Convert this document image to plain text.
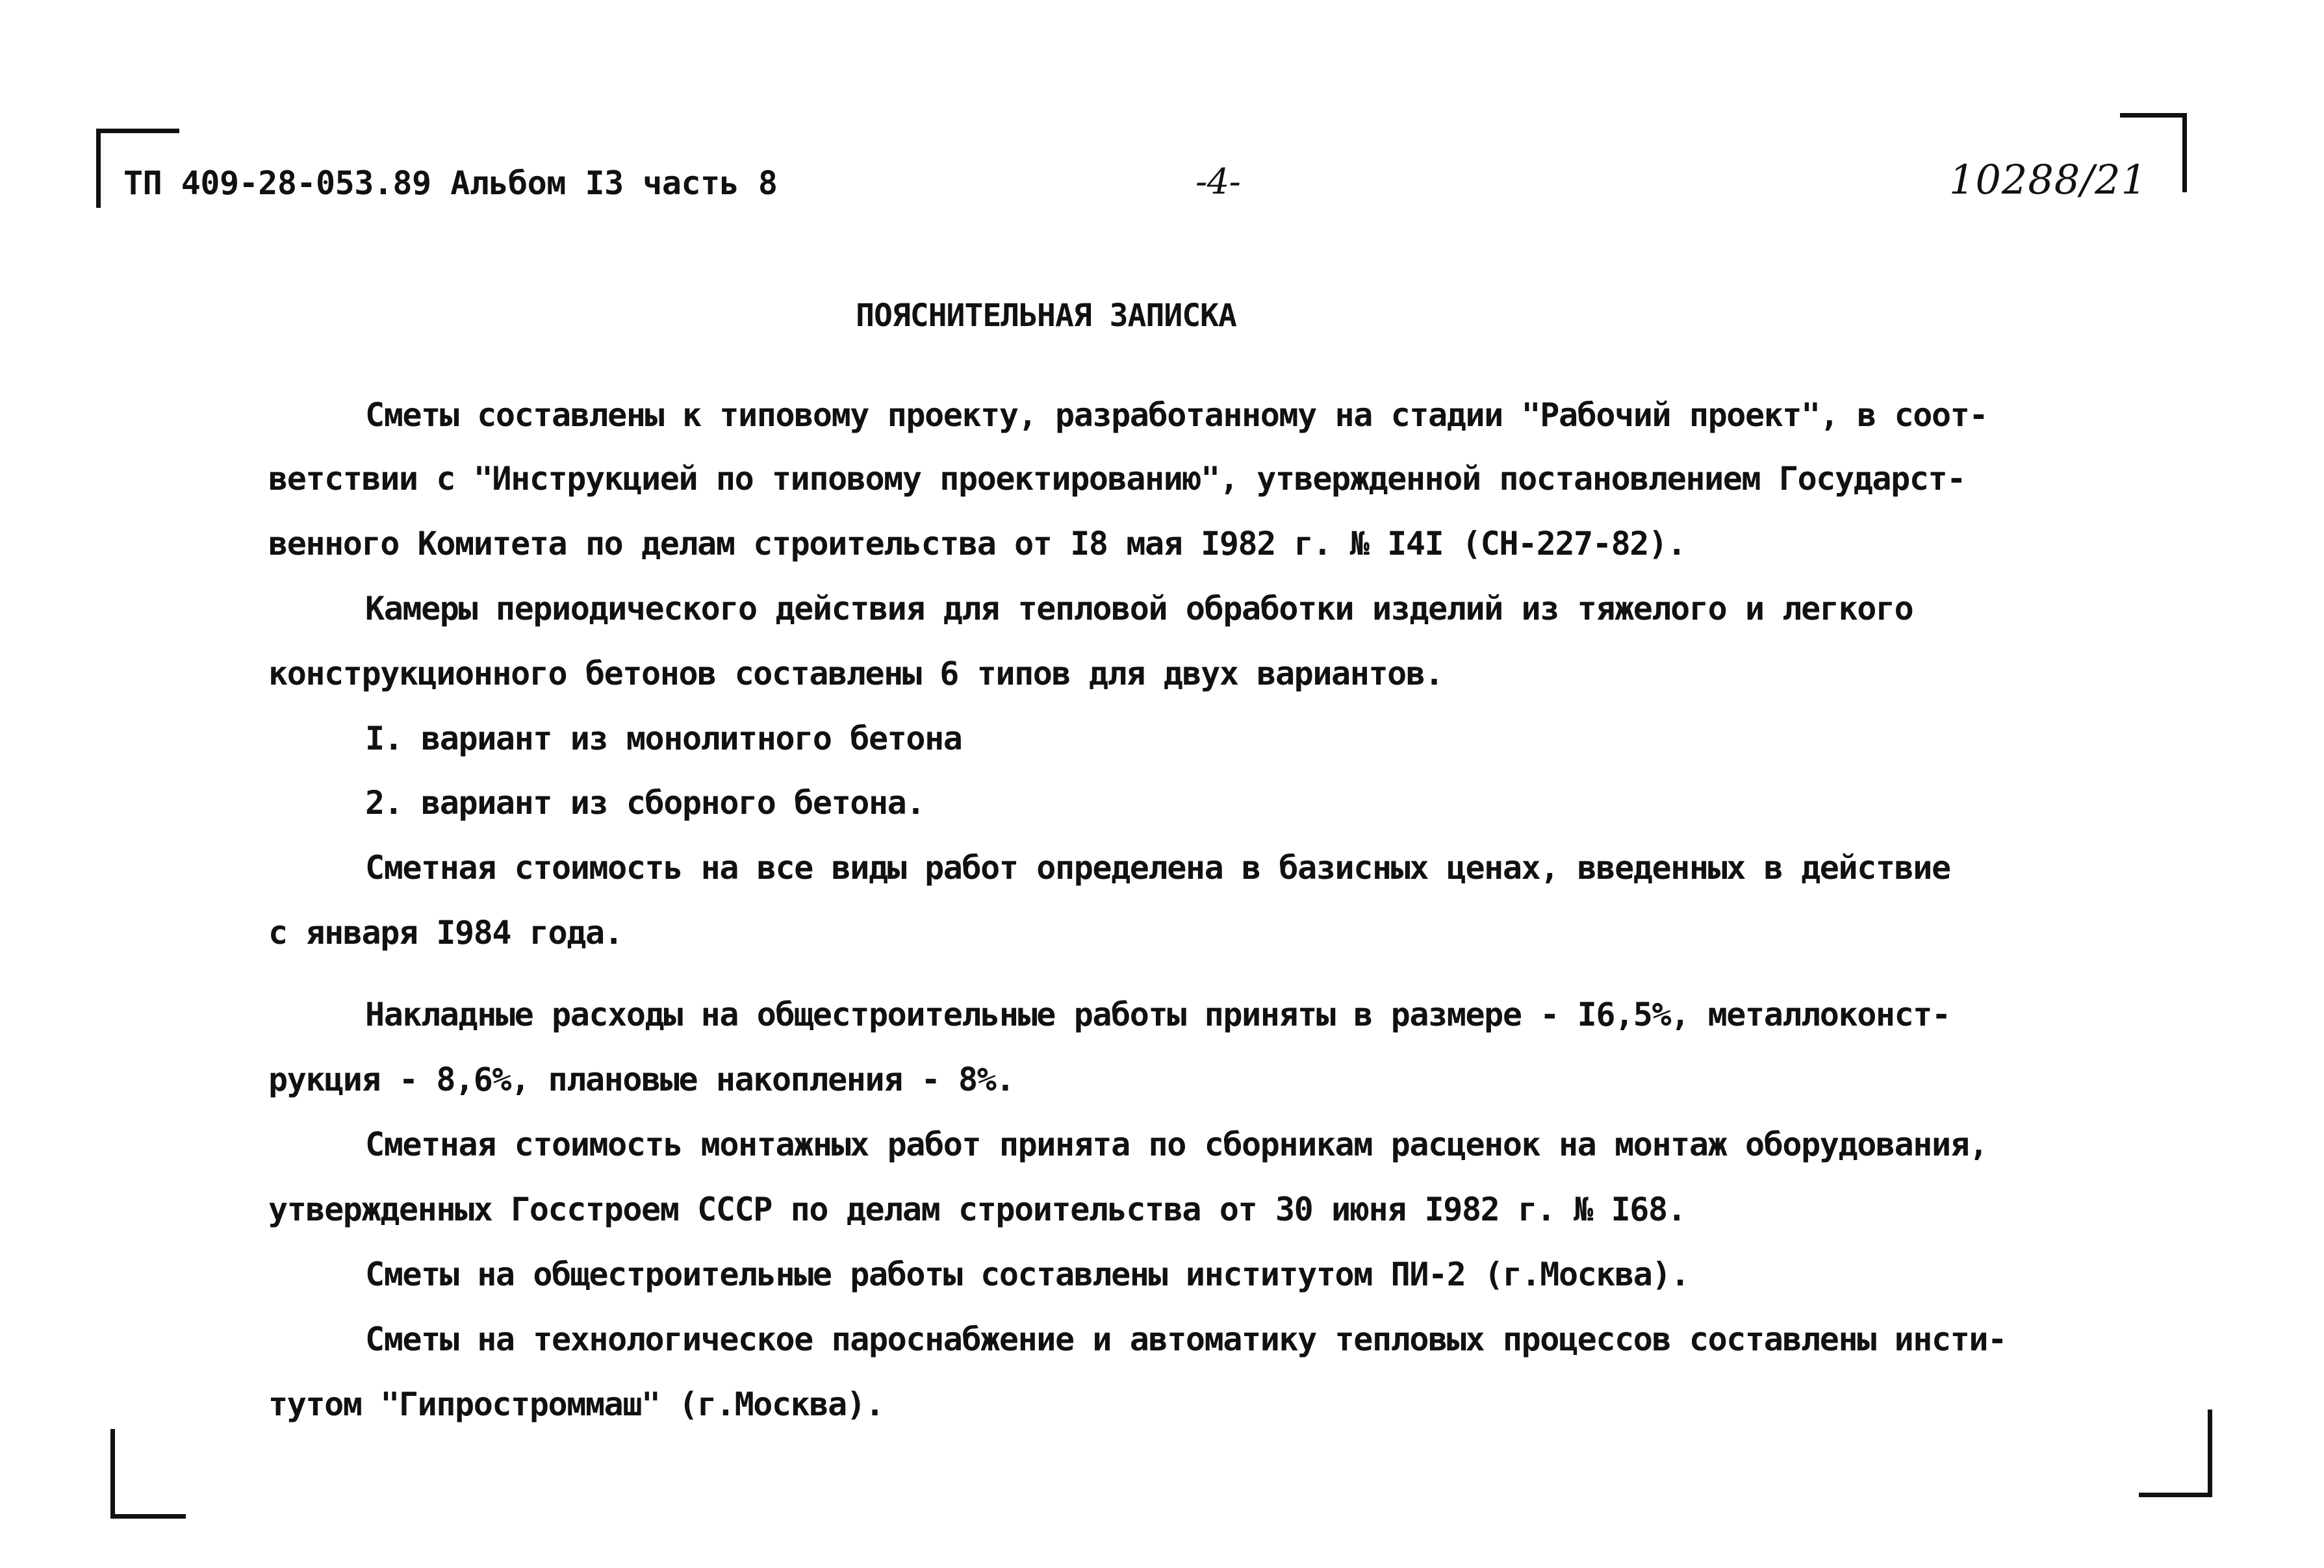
ТП 409-28-053.89 Альбом I3 часть 8	-4-	10288/21
ПОЯСНИТЕЛЬНАЯ ЗАПИСКА
Сметы составлены к типовому проекту, разработанному на стадии "Рабочий проект", в соот-
ветствии с "Инструкцией по типовому проектированию", утвержденной постановлением Государст-
венного Комитета по делам строительства от I8 мая I982 г. № I4I (СН-227-82).
Камеры периодического действия для тепловой обработки изделий из тяжелого и легкого
конструкционного бетонов составлены 6 типов для двух вариантов.
I. вариант из монолитного бетона
2. вариант из сборного бетона.
Сметная стоимость на все виды работ определена в базисных ценах, введенных в действие
с января I984 года.
Накладные расходы на общестроительные работы приняты в размере - I6,5%, металлоконст-
рукция - 8,6%, плановые накопления - 8%.
Сметная стоимость монтажных работ принята по сборникам расценок на монтаж оборудования,
утвержденных Госстроем СССР по делам строительства от 30 июня I982 г. № I68.
Сметы на общестроительные работы составлены институтом ПИ-2 (г.Москва).
Сметы на технологическое пароснабжение и автоматику тепловых процессов составлены инсти-
тутом "Гипростроммаш" (г.Москва).
